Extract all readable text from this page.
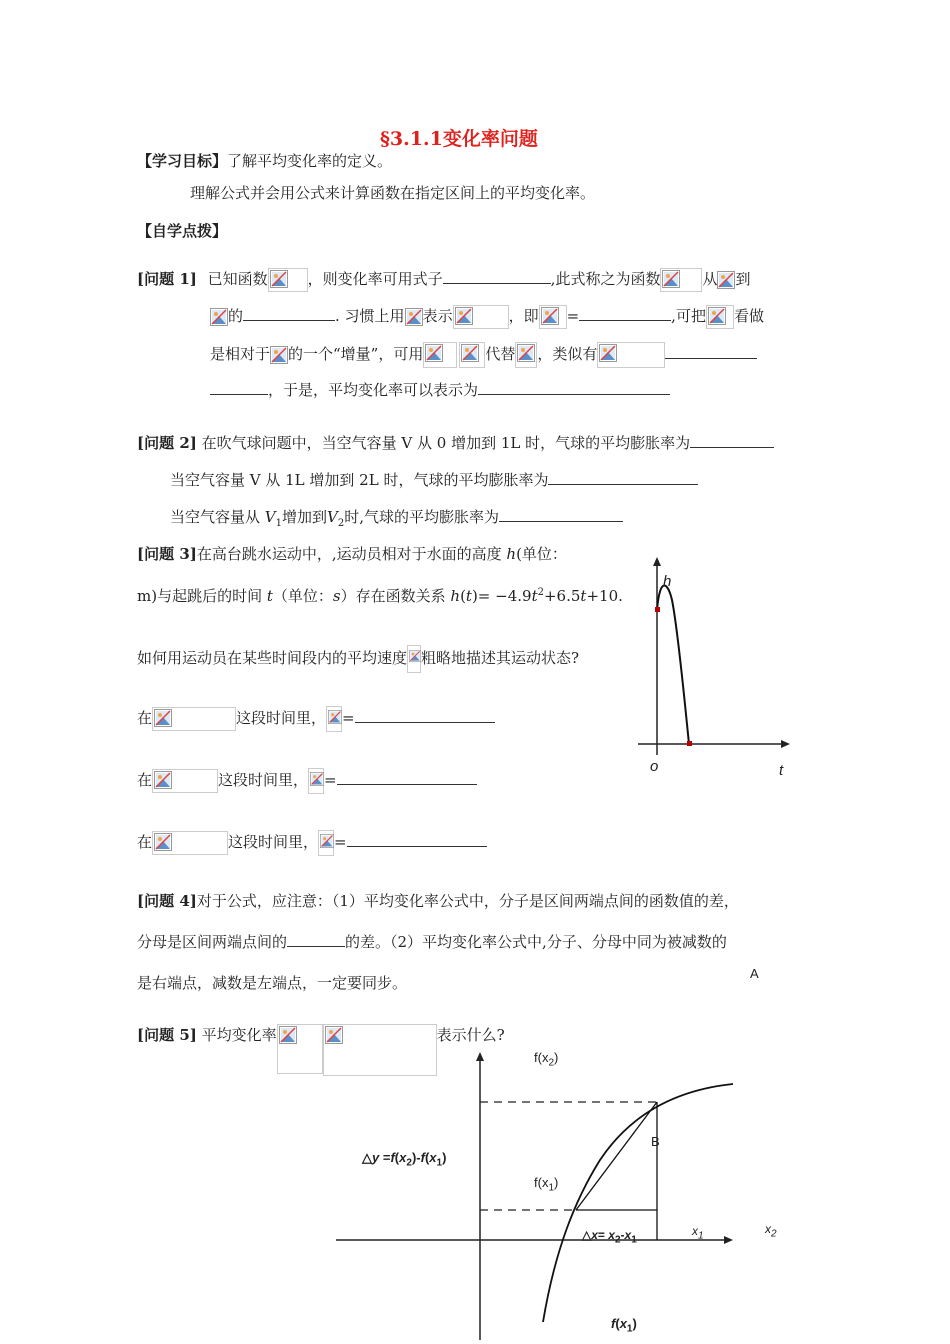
§3.1.1变化率问题
【学习目标】了解平均变化率的定义。
理解公式并会用公式来计算函数在指定区间上的平均变化率。
【自学点拨】
[问题 1] 已知函数	，则变化率可用式子	,此式称之为函数	从 到
的	. 习惯上用 表示	，即 =	,可把 看做
是相对于 的一个“增量”，可用	代替 ，类似有
，于是，平均变化率可以表示为
[问题 2] 在吹气球问题中，当空气容量 V 从 0 增加到 1L 时，气球的平均膨胀率为
当空气容量 V 从 1L 增加到 2L 时，气球的平均膨胀率为
当空气容量从 $V_1$增加到$V_2$时,气球的平均膨胀率为
[问题 3]在高台跳水运动中，,运动员相对于水面的高度 h(单位：
m)与起跳后的时间 t（单位：s）存在函数关系 $h(t)= -4.9t^2+6.5t+10$.
如何用运动员在某些时间段内的平均速度 粗略地描述其运动状态?
在	这段时间里， =
在	这段时间里， =
在	这段时间里， =
h
o	t
[问题 4]对于公式，应注意：（1）平均变化率公式中，分子是区间两端点间的函数值的差，
分母是区间两端点间的	的差。（2）平均变化率公式中,分子、分母中同为被减数的
是右端点，减数是左端点，一定要同步。
A
[问题 5] 平均变化率	表示什么?
$f(x_2)$
B
△y $=f(x_2)-f(x_1)$
$f(x_1)$
△x= $x_2-x_1$
$x_1$	$x_2$
$f(x_1)$
